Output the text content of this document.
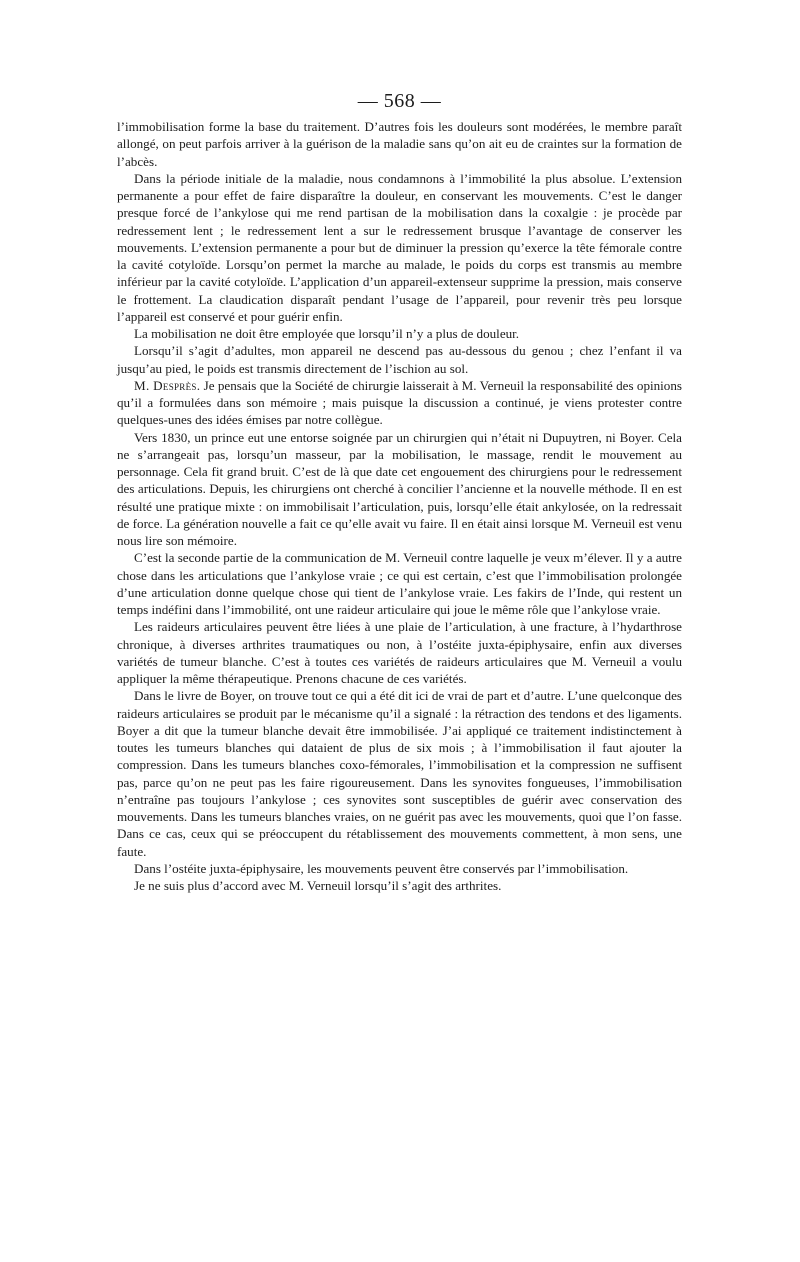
— 568 —

l’immobilisation forme la base du traitement. D’autres fois les douleurs sont modérées, le membre paraît allongé, on peut parfois arriver à la guérison de la maladie sans qu’on ait eu de craintes sur la formation de l’abcès.

Dans la période initiale de la maladie, nous condamnons à l’immobilité la plus absolue. L’extension permanente a pour effet de faire disparaître la douleur, en conservant les mouvements. C’est le danger presque forcé de l’ankylose qui me rend partisan de la mobilisation dans la coxalgie : je procède par redressement lent ; le redressement lent a sur le redressement brusque l’avantage de conserver les mouvements. L’extension permanente a pour but de diminuer la pression qu’exerce la tête fémorale contre la cavité cotyloïde. Lorsqu’on permet la marche au malade, le poids du corps est transmis au membre inférieur par la cavité cotyloïde. L’application d’un appareil-extenseur supprime la pression, mais conserve le frottement. La claudication disparaît pendant l’usage de l’appareil, pour revenir très peu lorsque l’appareil est conservé et pour guérir enfin.

La mobilisation ne doit être employée que lorsqu’il n’y a plus de douleur.

Lorsqu’il s’agit d’adultes, mon appareil ne descend pas au-dessous du genou ; chez l’enfant il va jusqu’au pied, le poids est transmis directement de l’ischion au sol.

M. Desprès. Je pensais que la Société de chirurgie laisserait à M. Verneuil la responsabilité des opinions qu’il a formulées dans son mémoire ; mais puisque la discussion a continué, je viens protester contre quelques-unes des idées émises par notre collègue.

Vers 1830, un prince eut une entorse soignée par un chirurgien qui n’était ni Dupuytren, ni Boyer. Cela ne s’arrangeait pas, lorsqu’un masseur, par la mobilisation, le massage, rendit le mouvement au personnage. Cela fit grand bruit. C’est de là que date cet engouement des chirurgiens pour le redressement des articulations. Depuis, les chirurgiens ont cherché à concilier l’ancienne et la nouvelle méthode. Il en est résulté une pratique mixte : on immobilisait l’articulation, puis, lorsqu’elle était ankylosée, on la redressait de force. La génération nouvelle a fait ce qu’elle avait vu faire. Il en était ainsi lorsque M. Verneuil est venu nous lire son mémoire.

C’est la seconde partie de la communication de M. Verneuil contre laquelle je veux m’élever. Il y a autre chose dans les articulations que l’ankylose vraie ; ce qui est certain, c’est que l’immobilisation prolongée d’une articulation donne quelque chose qui tient de l’ankylose vraie. Les fakirs de l’Inde, qui restent un temps indéfini dans l’immobilité, ont une raideur articulaire qui joue le même rôle que l’ankylose vraie.

Les raideurs articulaires peuvent être liées à une plaie de l’articulation, à une fracture, à l’hydarthrose chronique, à diverses arthrites traumatiques ou non, à l’ostéite juxta-épiphysaire, enfin aux diverses variétés de tumeur blanche. C’est à toutes ces variétés de raideurs articulaires que M. Verneuil a voulu appliquer la même thérapeutique. Prenons chacune de ces variétés.

Dans le livre de Boyer, on trouve tout ce qui a été dit ici de vrai de part et d’autre. L’une quelconque des raideurs articulaires se produit par le mécanisme qu’il a signalé : la rétraction des tendons et des ligaments. Boyer a dit que la tumeur blanche devait être immobilisée. J’ai appliqué ce traitement indistinctement à toutes les tumeurs blanches qui dataient de plus de six mois ; à l’immobilisation il faut ajouter la compression. Dans les tumeurs blanches coxo-fémorales, l’immobilisation et la compression ne suffisent pas, parce qu’on ne peut pas les faire rigoureusement. Dans les synovites fongueuses, l’immobilisation n’entraîne pas toujours l’ankylose ; ces synovites sont susceptibles de guérir avec conservation des mouvements. Dans les tumeurs blanches vraies, on ne guérit pas avec les mouvements, quoi que l’on fasse. Dans ce cas, ceux qui se préoccupent du rétablissement des mouvements commettent, à mon sens, une faute.

Dans l’ostéite juxta-épiphysaire, les mouvements peuvent être conservés par l’immobilisation.

Je ne suis plus d’accord avec M. Verneuil lorsqu’il s’agit des arthrites.
